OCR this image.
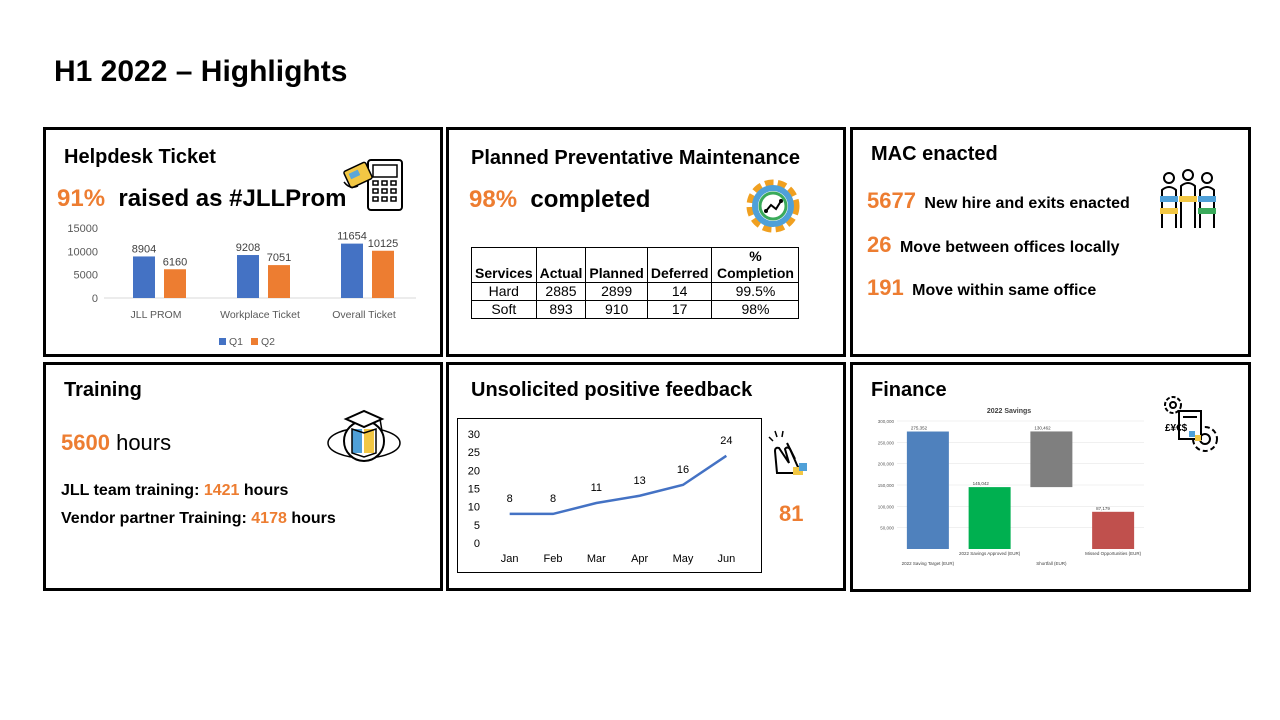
H1 2022 – Highlights
Helpdesk Ticket
91% raised as #JLLProm
15000
10000
5000
0
8904
6160
JLL PROM
9208
7051
Workplace Ticket
11654
10125
Overall Ticket
Q1 Q2
Planned Preventative Maintenance
98% completed
Services	Actual	Planned	Deferred	% Completion
Hard	2885	2899	14	99.5%
Soft	893	910	17	98%
MAC enacted
5677 New hire and exits enacted
26 Move between offices locally
191 Move within same office
Training
5600 hours
JLL team training: 1421 hours
Vendor partner Training: 4178 hours
Unsolicited positive feedback
30
25
20
15
10
5
0
Jan
8
Feb
8
Mar
11
Apr
13
May
16
Jun
24
81
Finance
2022 Savings
300,000
250,000
200,000
150,000
100,000
50,000
275,352
2022 Saving Target (EUR)
145,042
2022 Savings Approved (EUR)
130,462
Shortfall (EUR)
87,179
Missed Opportunities (EUR)
£¥€$
